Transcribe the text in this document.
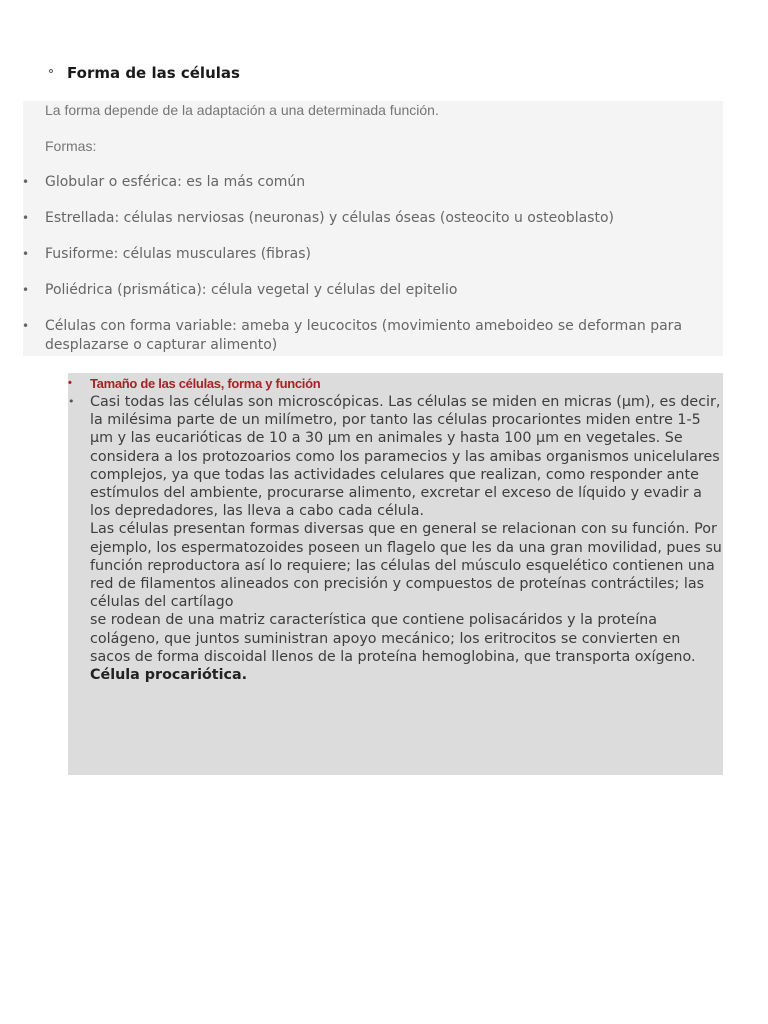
⚬ Forma de las células

La forma depende de la adaptación a una determinada función.

Formas:

• Globular o esférica: es la más común
• Estrellada: células nerviosas (neuronas) y células óseas (osteocito u osteoblasto)
• Fusiforme: células musculares (fibras)
• Poliédrica (prismática): célula vegetal y células del epitelio
• Células con forma variable: ameba y leucocitos (movimiento ameboideo se deforman para desplazarse o capturar alimento)
• Tamaño de las células, forma y función
• Casi todas las células son microscópicas. Las células se miden en micras (μm), es decir, la milésima parte de un milímetro, por tanto las células procariontes miden entre 1-5 μm y las eucarióticas de 10 a 30 μm en animales y hasta 100 μm en vegetales. Se considera a los protozoarios como los paramecios y las amibas organismos unicelulares complejos, ya que todas las actividades celulares que realizan, como responder ante estímulos del ambiente, procurarse alimento, excretar el exceso de líquido y evadir a los depredadores, las lleva a cabo cada célula.

Las células presentan formas diversas que en general se relacionan con su función. Por ejemplo, los espermatozoides poseen un flagelo que les da una gran movilidad, pues su función reproductora así lo requiere; las células del músculo esquelético contienen una red de filamentos alineados con precisión y compuestos de proteínas contráctiles; las células del cartílago

se rodean de una matriz característica que contiene polisacáridos y la proteína colágeno, que juntos suministran apoyo mecánico; los eritrocitos se convierten en sacos de forma discoidal llenos de la proteína hemoglobina, que transporta oxígeno.

Célula procariótica.
